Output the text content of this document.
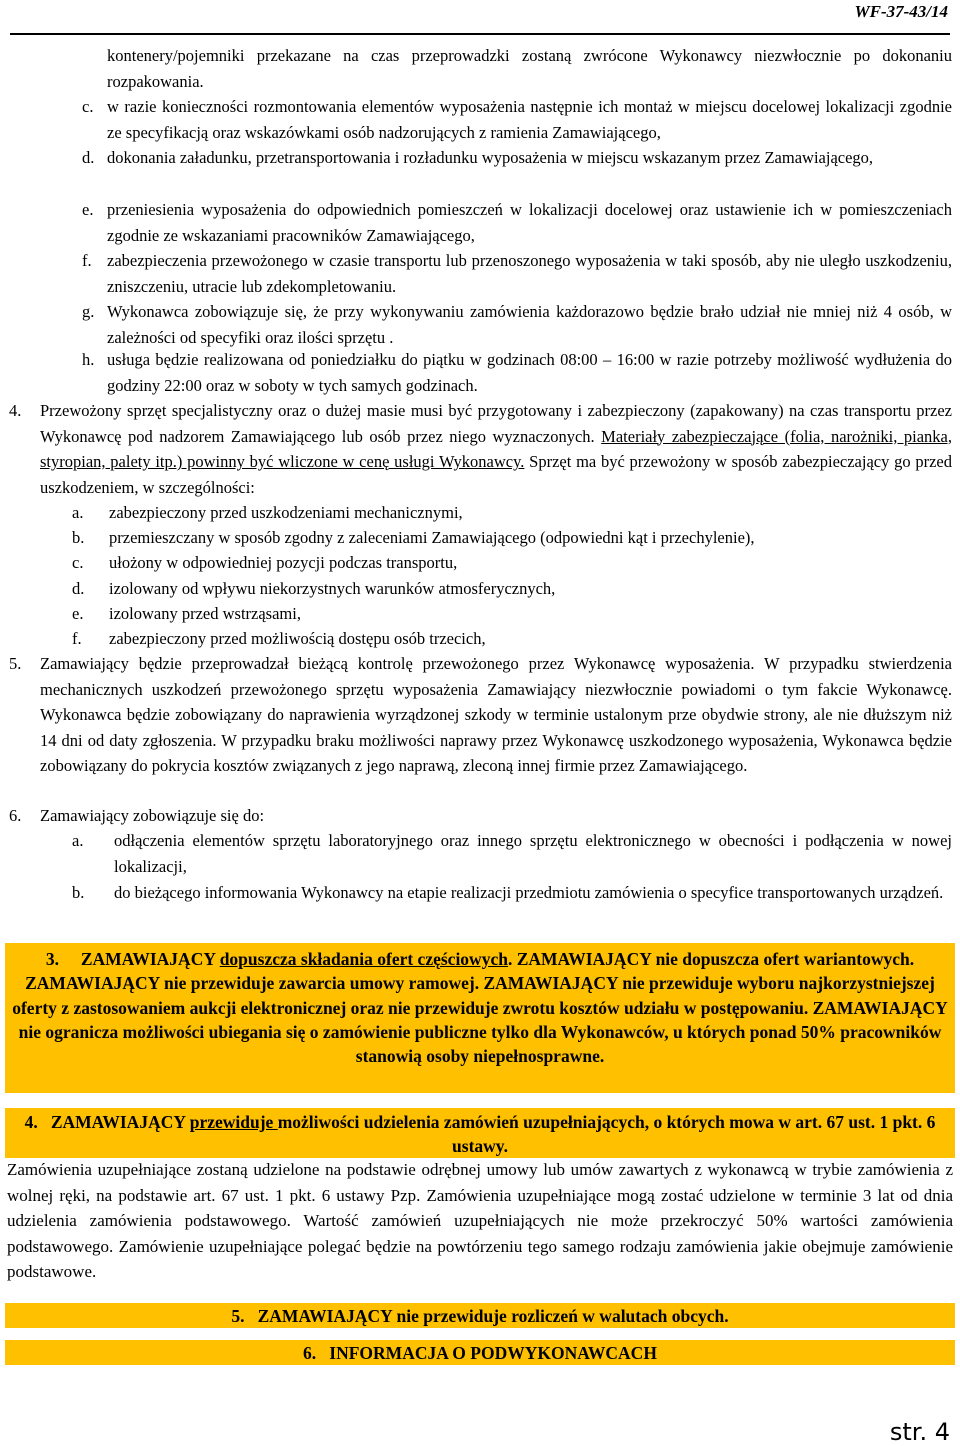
WF-37-43/14
kontenery/pojemniki przekazane na czas przeprowadzki zostaną zwrócone Wykonawcy niezwłocznie po dokonaniu rozpakowania.
c. w razie konieczności rozmontowania elementów wyposażenia następnie ich montaż w miejscu docelowej lokalizacji zgodnie ze specyfikacją oraz wskazówkami osób nadzorujących z ramienia Zamawiającego,
d. dokonania załadunku, przetransportowania i rozładunku wyposażenia w miejscu wskazanym przez Zamawiającego,
e. przeniesienia wyposażenia do odpowiednich pomieszczeń w lokalizacji docelowej oraz ustawienie ich w pomieszczeniach zgodnie ze wskazaniami pracowników Zamawiającego,
f. zabezpieczenia przewożonego w czasie transportu lub przenoszonego wyposażenia w taki sposób, aby nie uległo uszkodzeniu, zniszczeniu, utracie lub zdekompletowaniu.
g. Wykonawca zobowiązuje się, że przy wykonywaniu zamówienia każdorazowo będzie brało udział nie mniej niż 4 osób, w zależności od specyfiki oraz ilości sprzętu .
h. usługa będzie realizowana od poniedziałku do piątku w godzinach 08:00 – 16:00 w razie potrzeby możliwość wydłużenia do godziny 22:00 oraz w soboty w tych samych godzinach.
4. Przewożony sprzęt specjalistyczny oraz o dużej masie musi być przygotowany i zabezpieczony (zapakowany) na czas transportu przez Wykonawcę pod nadzorem Zamawiającego lub osób przez niego wyznaczonych. Materiały zabezpieczające (folia, narożniki, pianka, styropian, palety itp.) powinny być wliczone w cenę usługi Wykonawcy. Sprzęt ma być przewożony w sposób zabezpieczający go przed uszkodzeniem, w szczególności:
a. zabezpieczony przed uszkodzeniami mechanicznymi,
b. przemieszczany w sposób zgodny z zaleceniami Zamawiającego (odpowiedni kąt i przechylenie),
c. ułożony w odpowiedniej pozycji podczas transportu,
d. izolowany od wpływu niekorzystnych warunków atmosferycznych,
e. izolowany przed wstrząsami,
f. zabezpieczony przed możliwością dostępu osób trzecich,
5. Zamawiający będzie przeprowadzał bieżącą kontrolę przewożonego przez Wykonawcę wyposażenia. W przypadku stwierdzenia mechanicznych uszkodzeń przewożonego sprzętu wyposażenia Zamawiający niezwłocznie powiadomi o tym fakcie Wykonawcę. Wykonawca będzie zobowiązany do naprawienia wyrządzonej szkody w terminie ustalonym prze obydwie strony, ale nie dłuższym niż 14 dni od daty zgłoszenia. W przypadku braku możliwości naprawy przez Wykonawcę uszkodzonego wyposażenia, Wykonawca będzie zobowiązany do pokrycia kosztów związanych z jego naprawą, zleconą innej firmie przez Zamawiającego.
6. Zamawiający zobowiązuje się do:
a. odłączenia elementów sprzętu laboratoryjnego oraz innego sprzętu elektronicznego w obecności i podłączenia w nowej lokalizacji,
b. do bieżącego informowania Wykonawcy na etapie realizacji przedmiotu zamówienia o specyfice transportowanych urządzeń.
3. ZAMAWIAJĄCY dopuszcza składania ofert częściowych. ZAMAWIAJĄCY nie dopuszcza ofert wariantowych. ZAMAWIAJĄCY nie przewiduje zawarcia umowy ramowej. ZAMAWIAJĄCY nie przewiduje wyboru najkorzystniejszej oferty z zastosowaniem aukcji elektronicznej oraz nie przewiduje zwrotu kosztów udziału w postępowaniu. ZAMAWIAJĄCY nie ogranicza możliwości ubiegania się o zamówienie publiczne tylko dla Wykonawców, u których ponad 50% pracowników stanowią osoby niepełnosprawne.
4. ZAMAWIAJĄCY przewiduje możliwości udzielenia zamówień uzupełniających, o których mowa w art. 67 ust. 1 pkt. 6 ustawy.
Zamówienia uzupełniające zostaną udzielone na podstawie odrębnej umowy lub umów zawartych z wykonawcą w trybie zamówienia z wolnej ręki, na podstawie art. 67 ust. 1 pkt. 6 ustawy Pzp. Zamówienia uzupełniające mogą zostać udzielone w terminie 3 lat od dnia udzielenia zamówienia podstawowego. Wartość zamówień uzupełniających nie może przekroczyć 50% wartości zamówienia podstawowego. Zamówienie uzupełniające polegać będzie na powtórzeniu tego samego rodzaju zamówienia jakie obejmuje zamówienie podstawowe.
5. ZAMAWIAJĄCY nie przewiduje rozliczeń w walutach obcych.
6. INFORMACJA O PODWYKONAWCACH
str. 4
